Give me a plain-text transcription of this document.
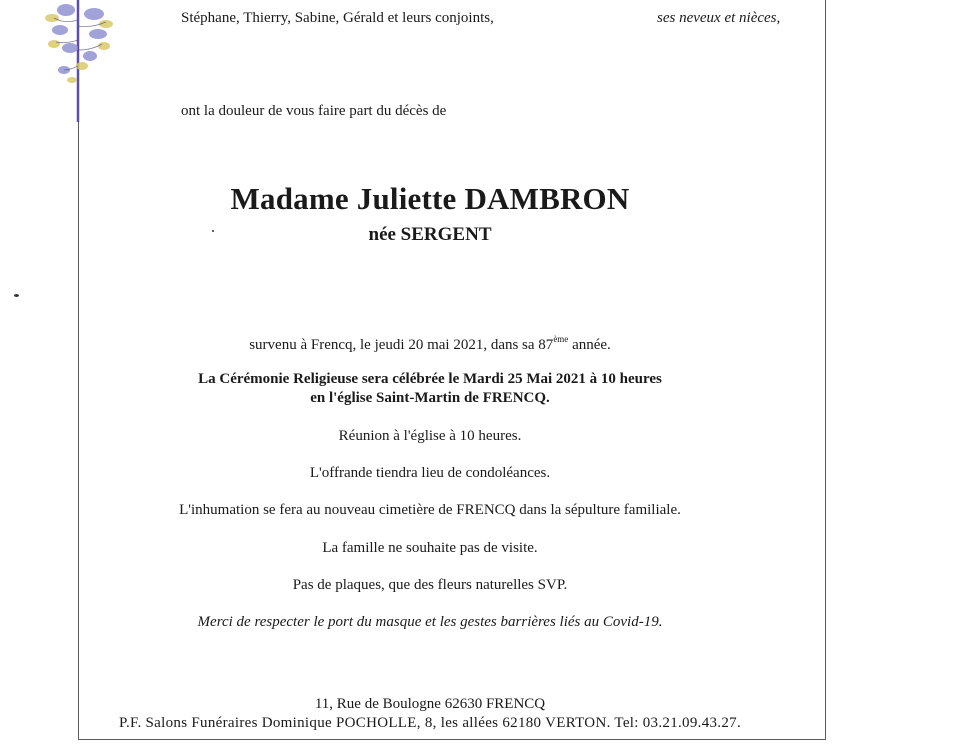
Stéphane, Thierry, Sabine, Gérald et leurs conjoints,	ses neveux et nièces,
ont la douleur de vous faire part du décès de
Madame Juliette DAMBRON
née SERGENT
survenu à Frencq, le jeudi 20 mai 2021, dans sa 87ème année.
La Cérémonie Religieuse sera célébrée le Mardi 25 Mai 2021 à 10 heures
en l'église Saint-Martin de FRENCQ.
Réunion à l'église à 10 heures.
L'offrande tiendra lieu de condoléances.
L'inhumation se fera au nouveau cimetière de FRENCQ dans la sépulture familiale.
La famille ne souhaite pas de visite.
Pas de plaques, que des fleurs naturelles SVP.
Merci de respecter le port du masque et les gestes barrières liés au Covid-19.
11, Rue de Boulogne 62630 FRENCQ
P.F. Salons Funéraires Dominique POCHOLLE, 8, les allées 62180 VERTON. Tel: 03.21.09.43.27.
